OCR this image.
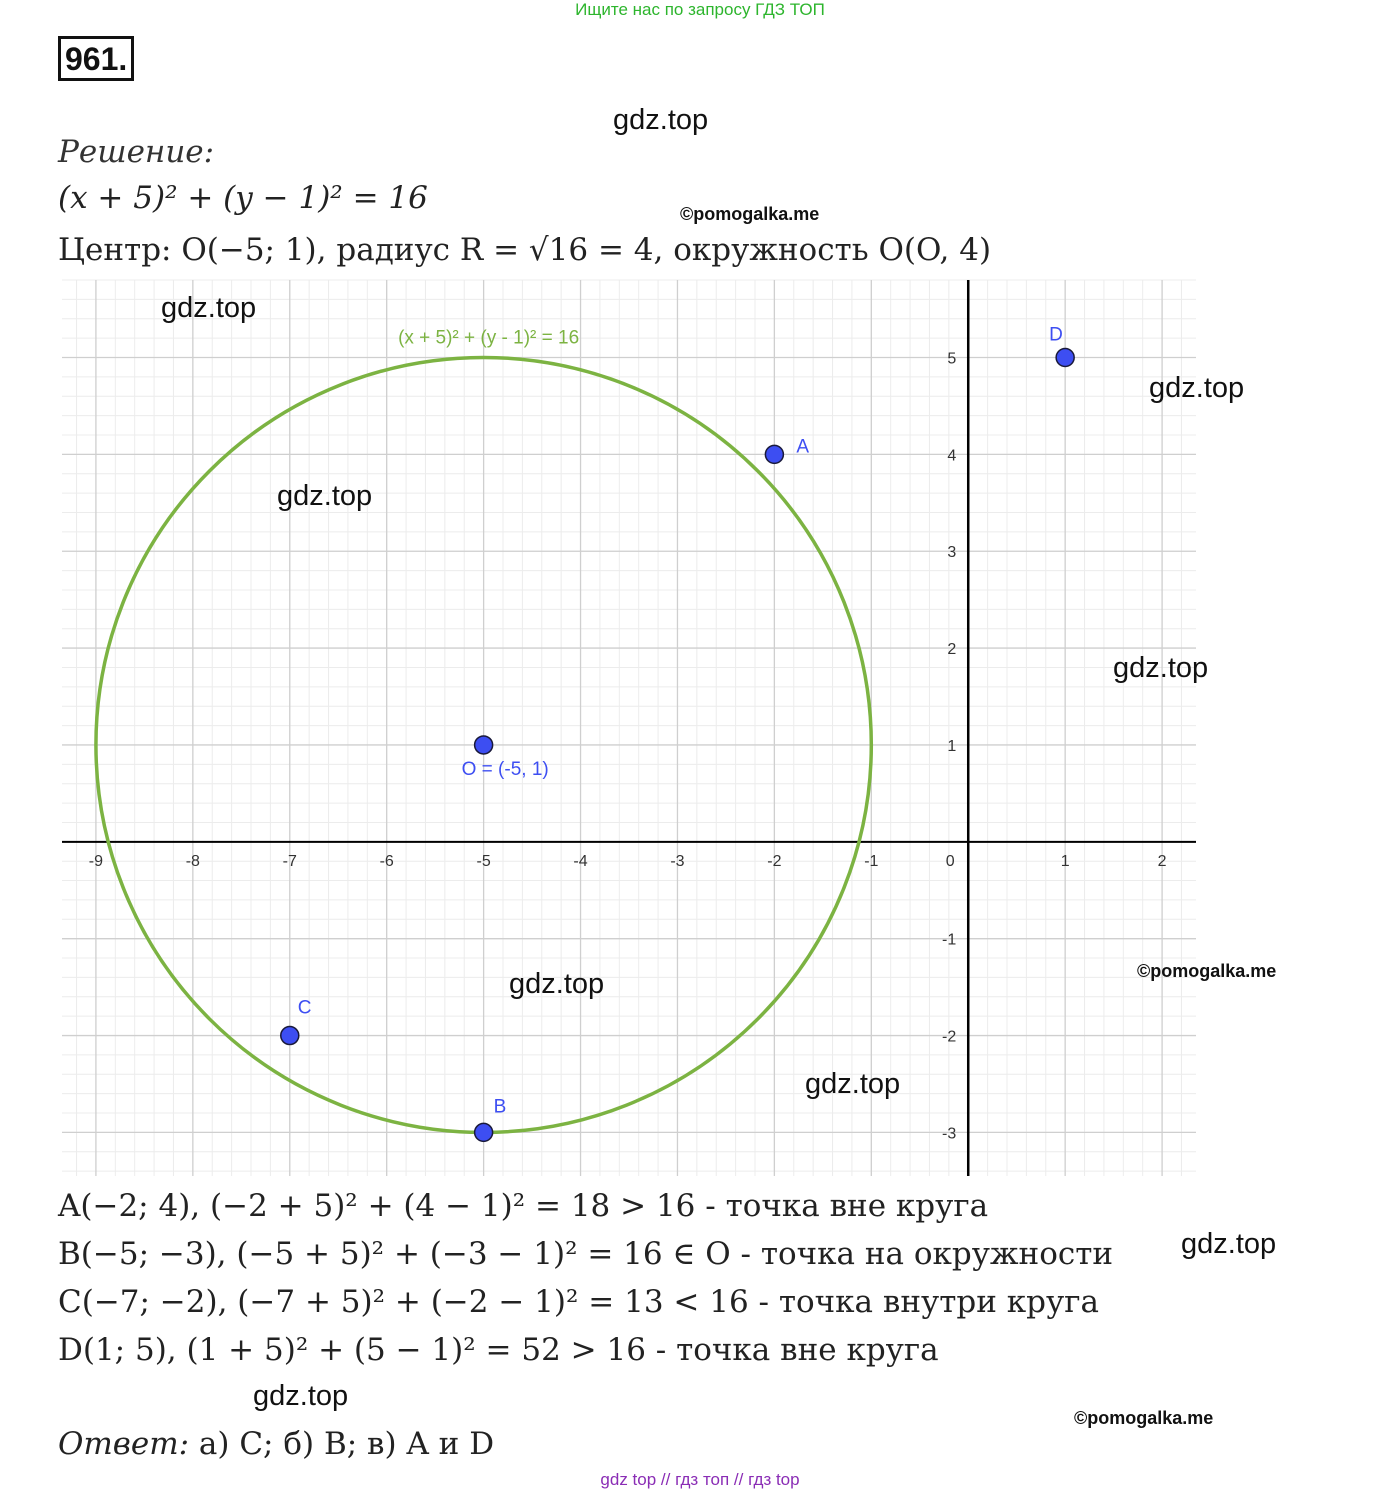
Ищите нас по запросу ГДЗ ТОП
961.
gdz.top
Решение:
(x + 5)² + (y − 1)² = 16	©pomogalka.me
Центр: O(−5; 1), радиус R = √16 = 4, окружность O(O, 4)
-9	-8	-7	-6	-5	-4	-3	-2	-1	0	1	2
5
4
3
2
1
-1
-2
-3
(x + 5)² + (y - 1)² = 16
A
B
C
D
O = (-5, 1)
gdz.top
gdz.top
gdz.top
gdz.top
©pomogalka.me
gdz.top
gdz.top
A(−2; 4), (−2 + 5)² + (4 − 1)² = 18 > 16 - точка вне круга
B(−5; −3), (−5 + 5)² + (−3 − 1)² = 16 ∈ O - точка на окружности gdz.top
C(−7; −2), (−7 + 5)² + (−2 − 1)² = 13 < 16 - точка внутри круга
D(1; 5), (1 + 5)² + (5 − 1)² = 52 > 16 - точка вне круга
gdz.top
©pomogalka.me
Ответ: а) C; б) B; в) A и D
gdz top // гдз топ // гдз top
